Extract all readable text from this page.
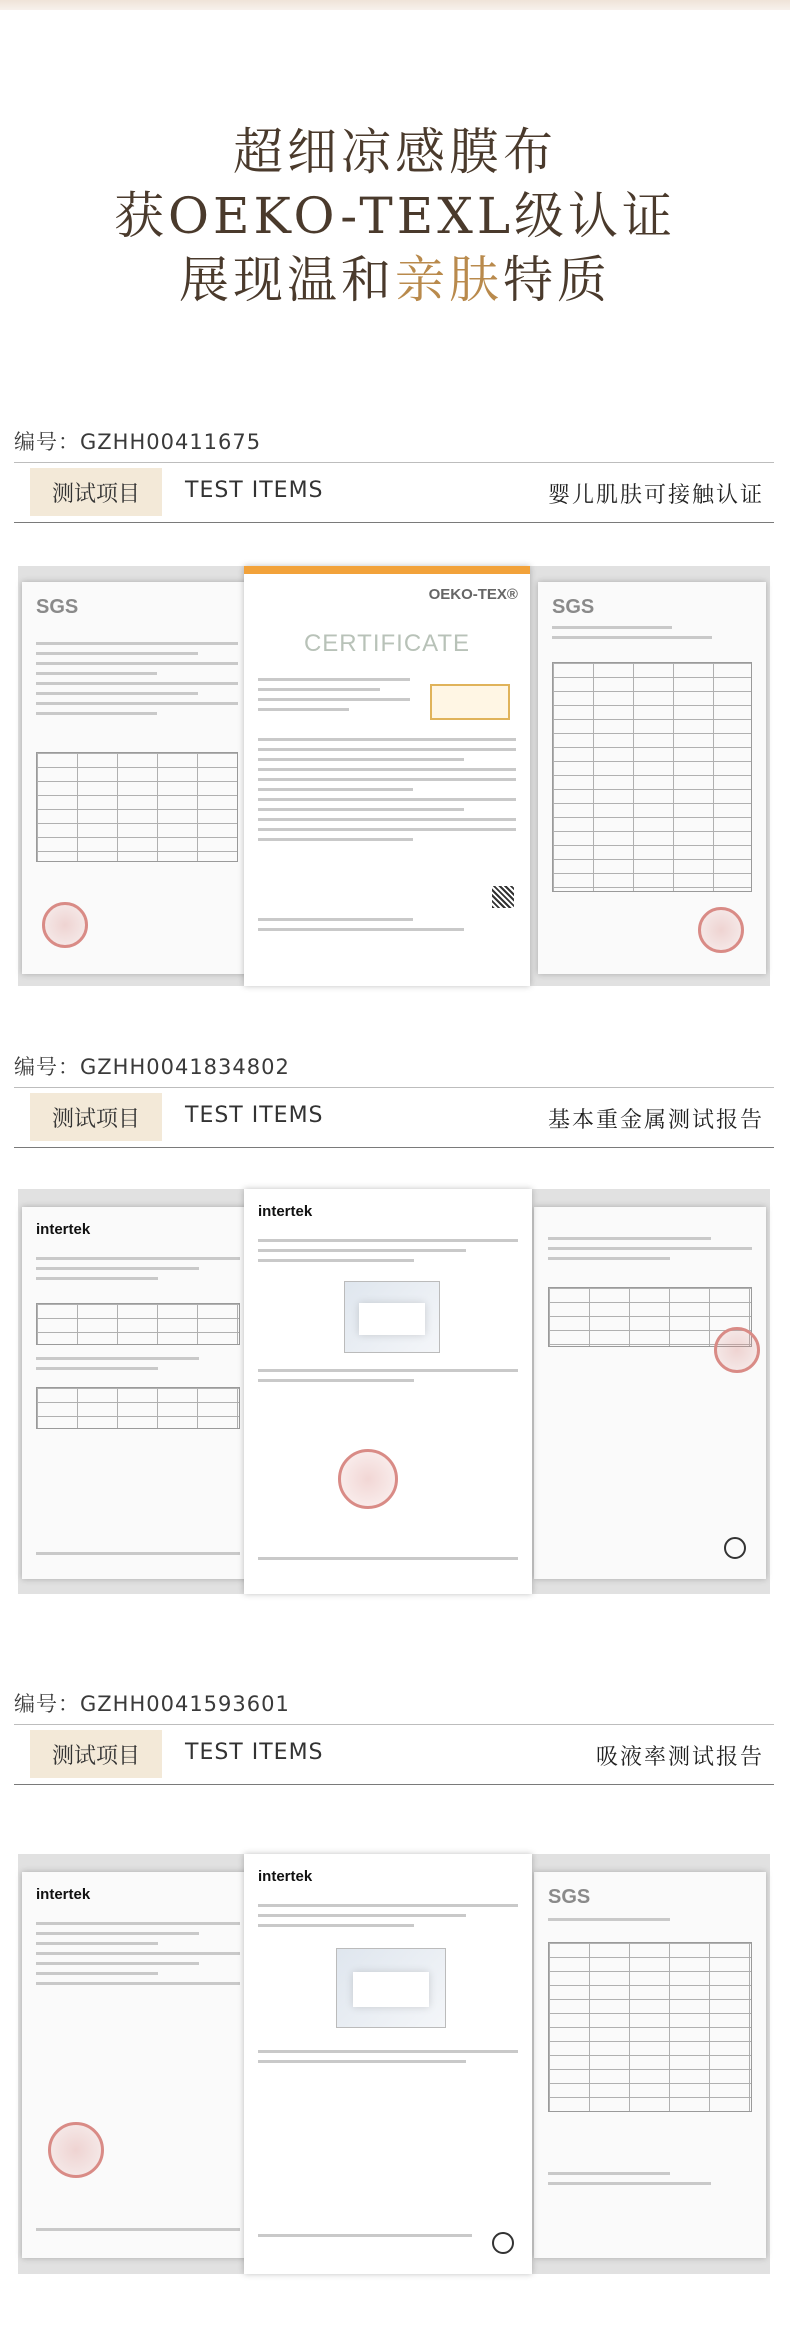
超细凉感膜布
获OEKO-TEXL级认证
展现温和亲肤特质
编号：GZHH00411675
测试项目	TEST ITEMS	婴儿肌肤可接触认证
SGS	SGS
OEKO-TEX®
CERTIFICATE
编号：GZHH0041834802
测试项目	TEST ITEMS	基本重金属测试报告
intertek
intertek
编号：GZHH0041593601
测试项目	TEST ITEMS	吸液率测试报告
intertek	SGS
intertek
